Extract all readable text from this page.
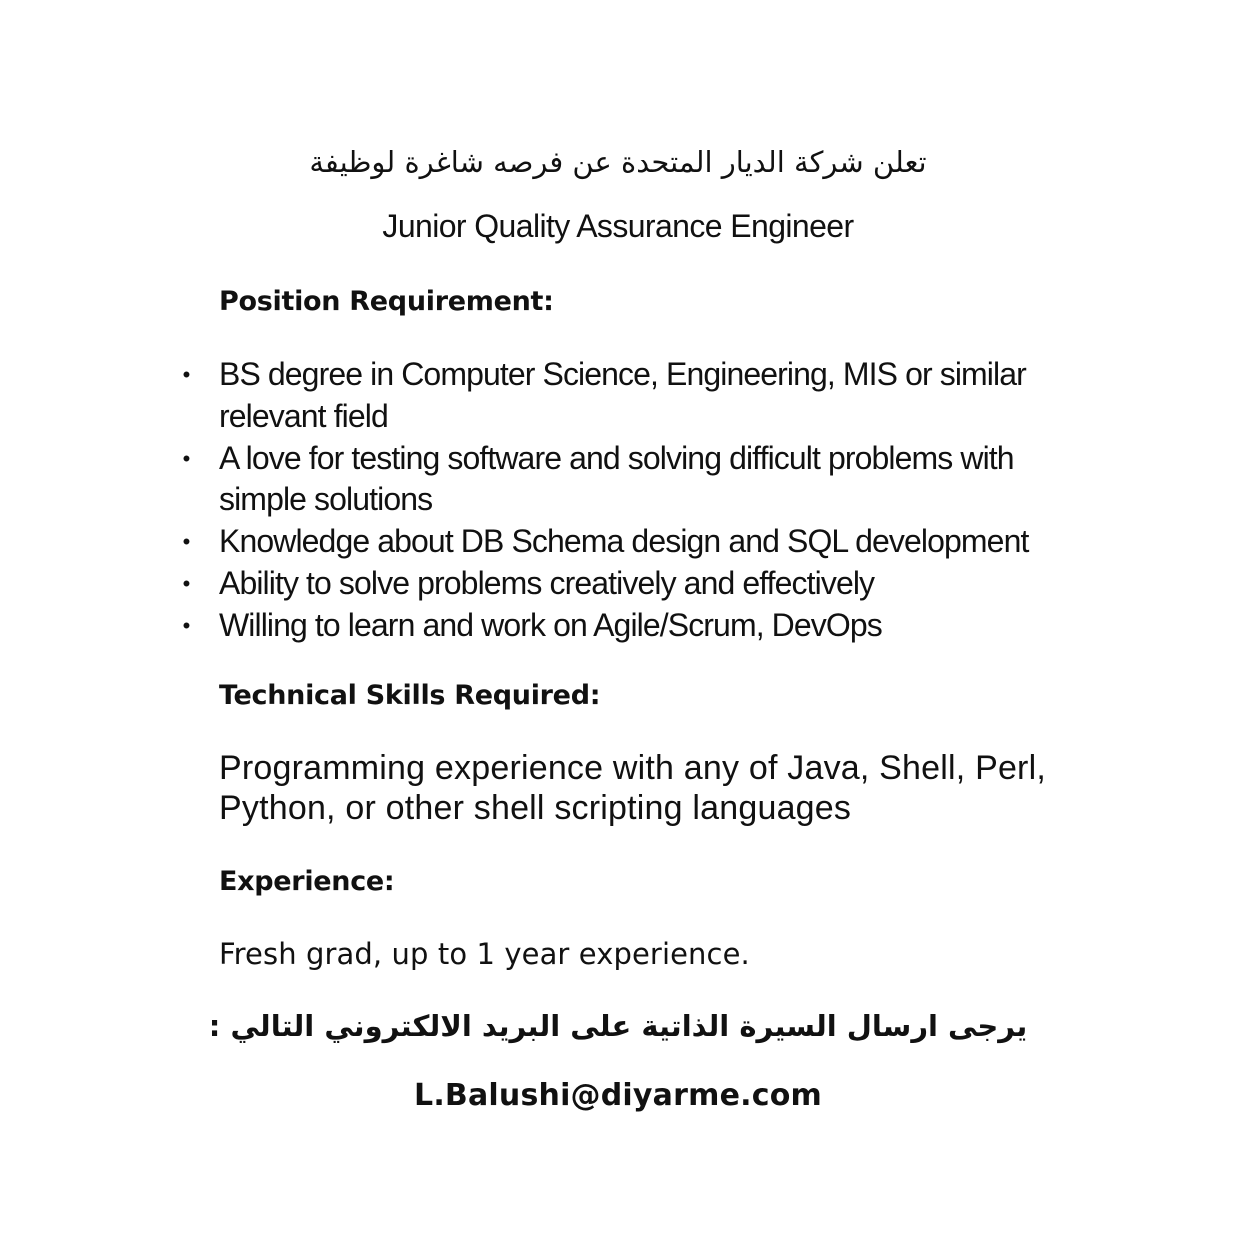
تعلن شركة الديار المتحدة عن فرصه شاغرة لوظيفة
Junior Quality Assurance Engineer
Position Requirement:
• BS degree in Computer Science, Engineering, MIS or similar relevant field
• A love for testing software and solving difficult problems with simple solutions
• Knowledge about DB Schema design and SQL development
• Ability to solve problems creatively and effectively
• Willing to learn and work on Agile/Scrum, DevOps
Technical Skills Required:
Programming experience with any of Java, Shell, Perl, Python, or other shell scripting languages
Experience:
Fresh grad, up to 1 year experience.
يرجى ارسال السيرة الذاتية على البريد الالكتروني التالي :
L.Balushi@diyarme.com
